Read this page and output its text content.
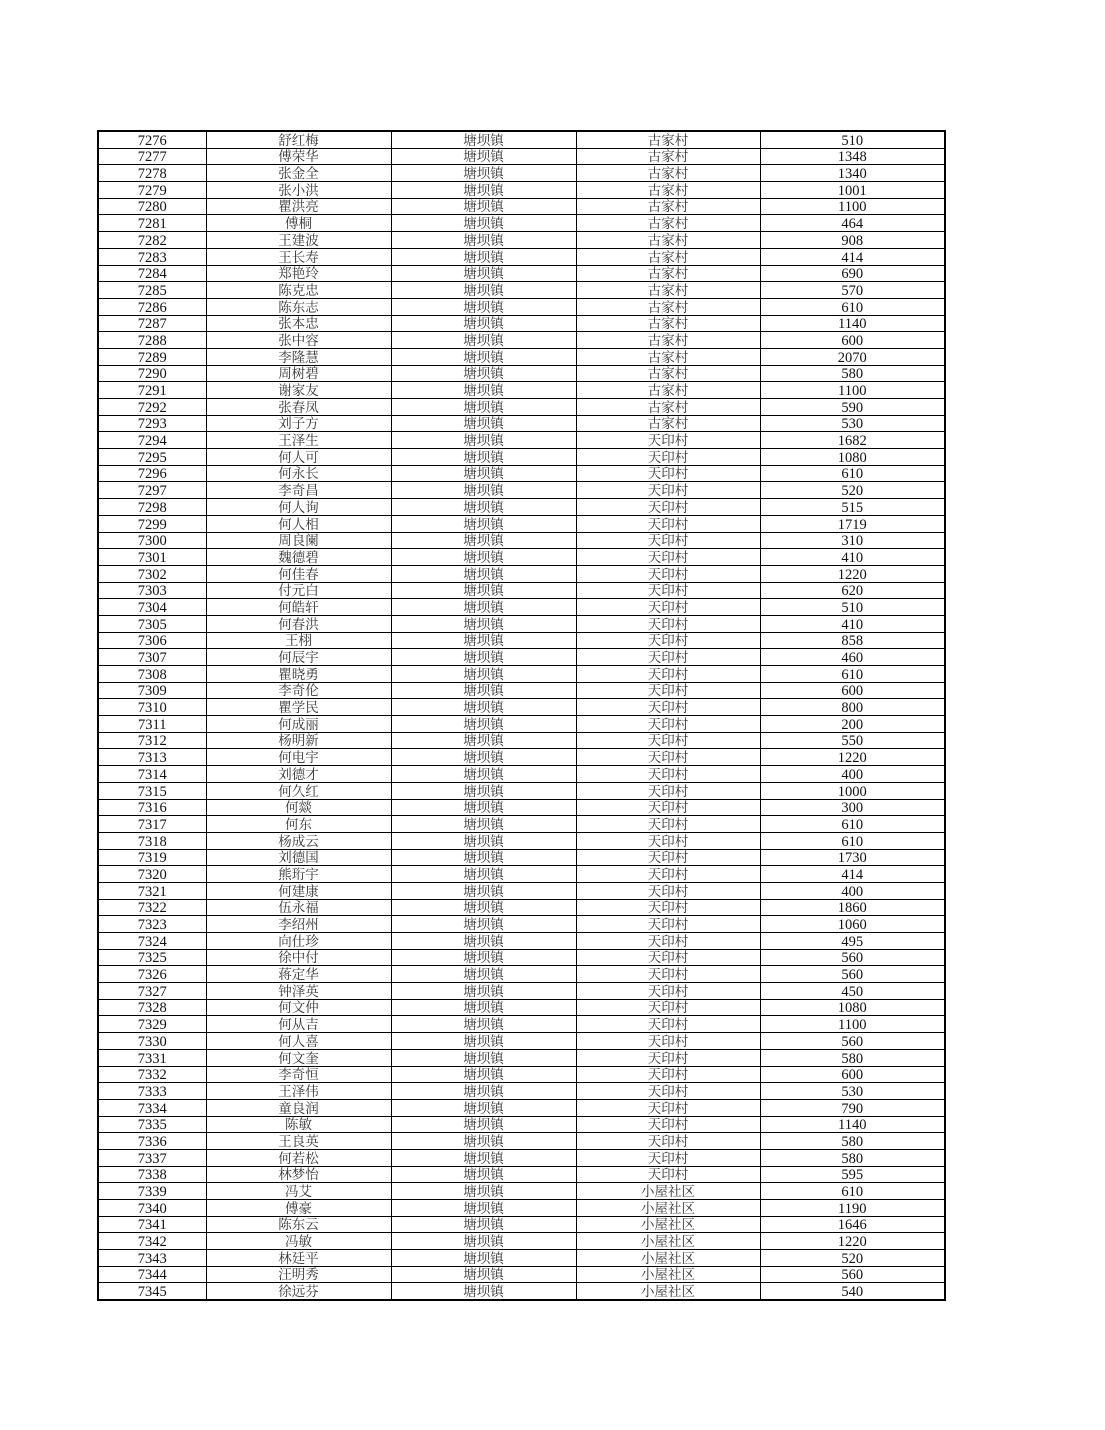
7276	舒红梅	塘坝镇	古家村	510
7277	傅荣华	塘坝镇	古家村	1348
7278	张金全	塘坝镇	古家村	1340
7279	张小洪	塘坝镇	古家村	1001
7280	瞿洪亮	塘坝镇	古家村	1100
7281	傅桐	塘坝镇	古家村	464
7282	王建波	塘坝镇	古家村	908
7283	王长寿	塘坝镇	古家村	414
7284	郑艳玲	塘坝镇	古家村	690
7285	陈克忠	塘坝镇	古家村	570
7286	陈东志	塘坝镇	古家村	610
7287	张本忠	塘坝镇	古家村	1140
7288	张中容	塘坝镇	古家村	600
7289	李隆慧	塘坝镇	古家村	2070
7290	周树碧	塘坝镇	古家村	580
7291	谢家友	塘坝镇	古家村	1100
7292	张春凤	塘坝镇	古家村	590
7293	刘子方	塘坝镇	古家村	530
7294	王泽生	塘坝镇	天印村	1682
7295	何人可	塘坝镇	天印村	1080
7296	何永长	塘坝镇	天印村	610
7297	李奇昌	塘坝镇	天印村	520
7298	何人询	塘坝镇	天印村	515
7299	何人相	塘坝镇	天印村	1719
7300	周良阑	塘坝镇	天印村	310
7301	魏德碧	塘坝镇	天印村	410
7302	何佳春	塘坝镇	天印村	1220
7303	付元白	塘坝镇	天印村	620
7304	何皓轩	塘坝镇	天印村	510
7305	何春洪	塘坝镇	天印村	410
7306	王栩	塘坝镇	天印村	858
7307	何辰宇	塘坝镇	天印村	460
7308	瞿晓勇	塘坝镇	天印村	610
7309	李奇伦	塘坝镇	天印村	600
7310	瞿学民	塘坝镇	天印村	800
7311	何成丽	塘坝镇	天印村	200
7312	杨明新	塘坝镇	天印村	550
7313	何电宇	塘坝镇	天印村	1220
7314	刘德才	塘坝镇	天印村	400
7315	何久红	塘坝镇	天印村	1000
7316	何燚	塘坝镇	天印村	300
7317	何东	塘坝镇	天印村	610
7318	杨成云	塘坝镇	天印村	610
7319	刘德国	塘坝镇	天印村	1730
7320	熊珩宇	塘坝镇	天印村	414
7321	何建康	塘坝镇	天印村	400
7322	伍永福	塘坝镇	天印村	1860
7323	李绍州	塘坝镇	天印村	1060
7324	向仕珍	塘坝镇	天印村	495
7325	徐中付	塘坝镇	天印村	560
7326	蒋定华	塘坝镇	天印村	560
7327	钟泽英	塘坝镇	天印村	450
7328	何文仲	塘坝镇	天印村	1080
7329	何从吉	塘坝镇	天印村	1100
7330	何人喜	塘坝镇	天印村	560
7331	何文奎	塘坝镇	天印村	580
7332	李奇恒	塘坝镇	天印村	600
7333	王泽伟	塘坝镇	天印村	530
7334	童良润	塘坝镇	天印村	790
7335	陈敏	塘坝镇	天印村	1140
7336	王良英	塘坝镇	天印村	580
7337	何若松	塘坝镇	天印村	580
7338	林梦怡	塘坝镇	天印村	595
7339	冯艾	塘坝镇	小屋社区	610
7340	傅豪	塘坝镇	小屋社区	1190
7341	陈东云	塘坝镇	小屋社区	1646
7342	冯敏	塘坝镇	小屋社区	1220
7343	林廷平	塘坝镇	小屋社区	520
7344	汪明秀	塘坝镇	小屋社区	560
7345	徐远芬	塘坝镇	小屋社区	540
